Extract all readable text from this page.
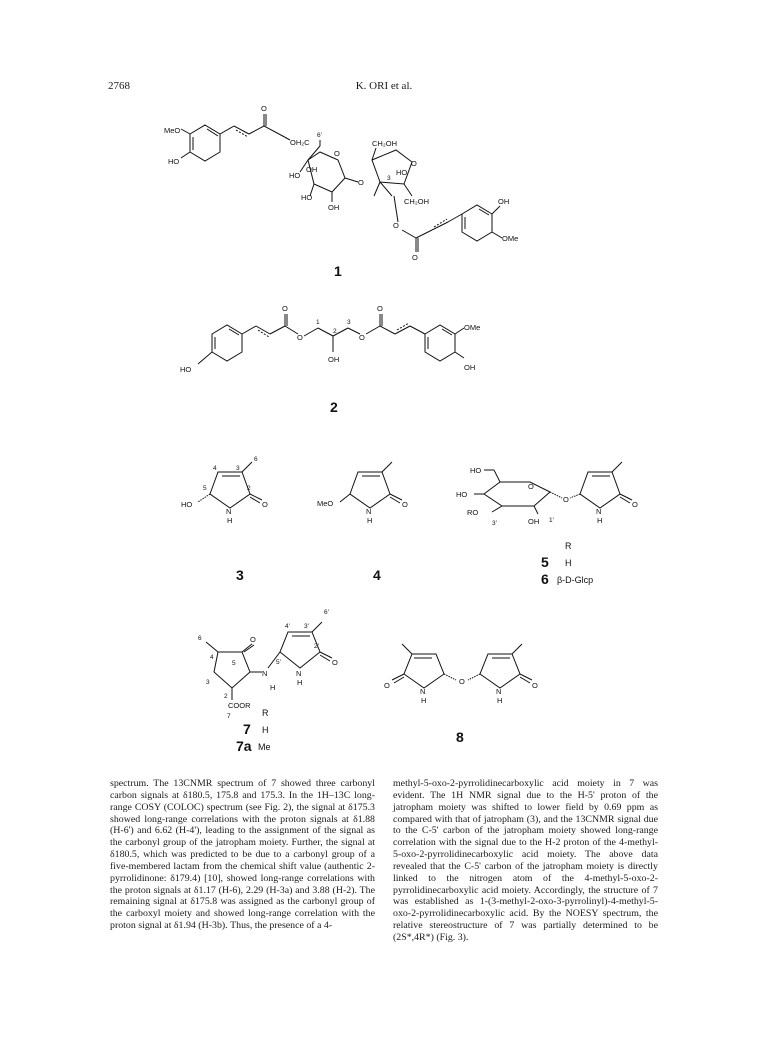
2768	K. ORI et al.
MeO
HO
O
6'
OH₂C
O
OH
HO
HO
OH
O
CH₂OH
O
HO
3
CH₂OH
O
OH
OMe
O
1
HO
O
O
1
2
3
OH
O
O
OMe
OH
2
4	3
6
5	2
HO
N
H
O
3
MeO
N
H
O
4
HO
O
HO
RO
3'	OH 1'
O
N
H
O
6	O
5
4
N
5'
H
4' 3'
6'
2'
N
H
O
3
2
COOR
7
O
N
H
O
N
H
O
8
R
5 H
6 β-D-Glcp
R
7 H
7a Me

spectrum. The 13CNMR spectrum of 7 showed three carbonyl carbon signals at δ180.5, 175.8 and 175.3. In the 1H–13C long-range COSY (COLOC) spectrum (see Fig. 2), the signal at δ175.3 showed long-range correlations with the proton signals at δ1.88 (H-6') and 6.62 (H-4'), leading to the assignment of the signal as the carbonyl group of the jatropham moiety. Further, the signal at δ180.5, which was predicted to be due to a carbonyl group of a five-membered lactam from the chemical shift value (authentic 2-pyrrolidinone: δ179.4) [10], showed long-range correlations with the proton signals at δ1.17 (H-6), 2.29 (H-3a) and 3.88 (H-2). The remaining signal at δ175.8 was assigned as the carbonyl group of the carboxyl moiety and showed long-range correlation with the proton signal at δ1.94 (H-3b). Thus, the presence of a 4-

methyl-5-oxo-2-pyrrolidinecarboxylic acid moiety in 7 was evident. The 1H NMR signal due to the H-5' proton of the jatropham moiety was shifted to lower field by 0.69 ppm as compared with that of jatropham (3), and the 13CNMR signal due to the C-5' carbon of the jatropham moiety showed long-range correlation with the signal due to the H-2 proton of the 4-methyl-5-oxo-2-pyrrolidinecarboxylic acid moiety. The above data revealed that the C-5' carbon of the jatropham moiety is directly linked to the nitrogen atom of the 4-methyl-5-oxo-2-pyrrolidinecarboxylic acid moiety. Accordingly, the structure of 7 was established as 1-(3-methyl-2-oxo-3-pyrrolinyl)-4-methyl-5-oxo-2-pyrrolidinecarboxylic acid. By the NOESY spectrum, the relative stereostructure of 7 was partially determined to be (2S*,4R*) (Fig. 3).
